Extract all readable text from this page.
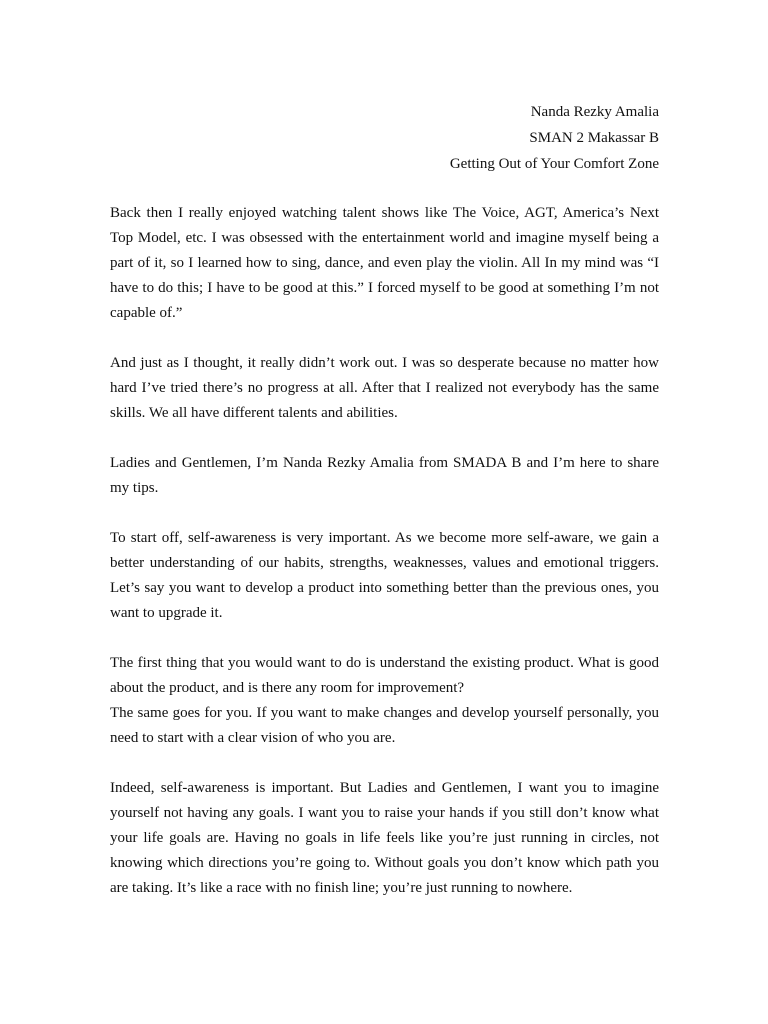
Nanda Rezky Amalia
SMAN 2 Makassar B
Getting Out of Your Comfort Zone
Back then I really enjoyed watching talent shows like The Voice, AGT, America’s Next Top Model, etc. I was obsessed with the entertainment world and imagine myself being a part of it, so I learned how to sing, dance, and even play the violin. All In my mind was “I have to do this; I have to be good at this.” I forced myself to be good at something I’m not capable of.”
And just as I thought, it really didn’t work out. I was so desperate because no matter how hard I’ve tried there’s no progress at all. After that I realized not everybody has the same skills. We all have different talents and abilities.
Ladies and Gentlemen, I’m Nanda Rezky Amalia from SMADA B and I’m here to share my tips.
To start off, self-awareness is very important. As we become more self-aware, we gain a better understanding of our habits, strengths, weaknesses, values and emotional triggers. Let’s say you want to develop a product into something better than the previous ones, you want to upgrade it.
The first thing that you would want to do is understand the existing product. What is good about the product, and is there any room for improvement?
The same goes for you. If you want to make changes and develop yourself personally, you need to start with a clear vision of who you are.
Indeed, self-awareness is important. But Ladies and Gentlemen, I want you to imagine yourself not having any goals. I want you to raise your hands if you still don’t know what your life goals are. Having no goals in life feels like you’re just running in circles, not knowing which directions you’re going to. Without goals you don’t know which path you are taking. It’s like a race with no finish line; you’re just running to nowhere.
